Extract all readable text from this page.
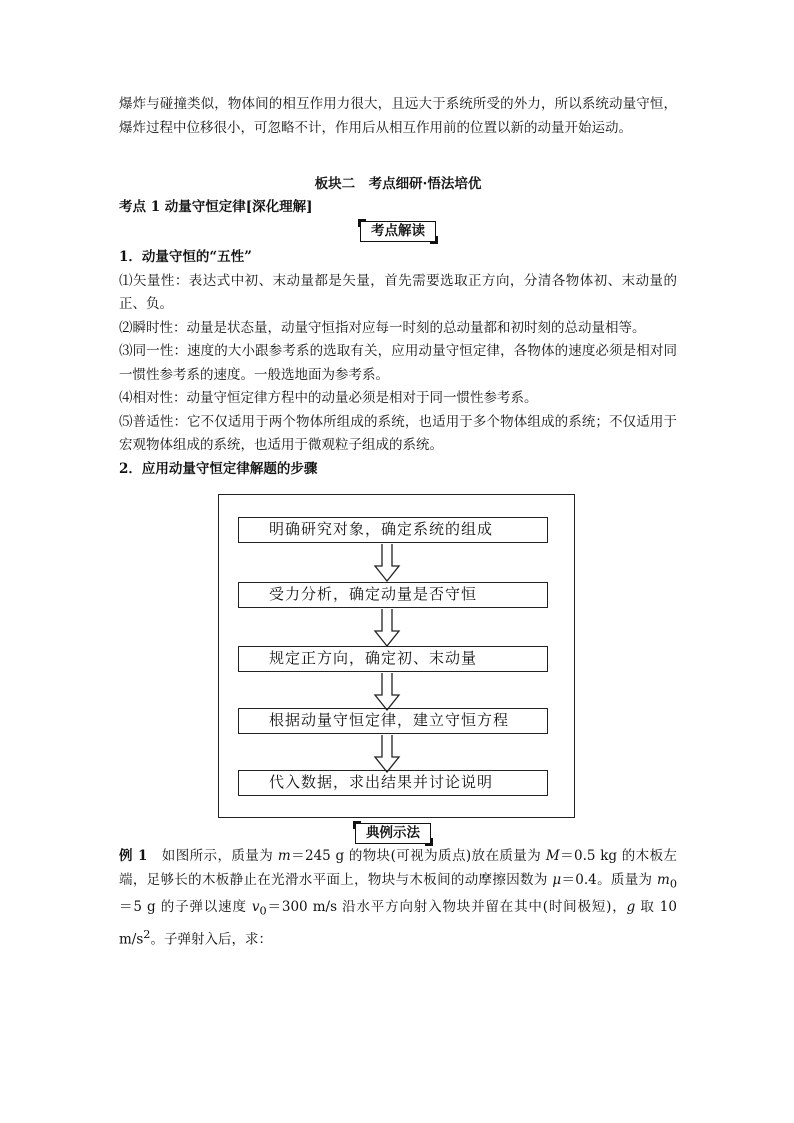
爆炸与碰撞类似，物体间的相互作用力很大，且远大于系统所受的外力，所以系统动量守恒，爆炸过程中位移很小，可忽略不计，作用后从相互作用前的位置以新的动量开始运动。

板块二　考点细研·悟法培优
考点 1 动量守恒定律[深化理解]
考点解读
1．动量守恒的“五性”

⑴矢量性：表达式中初、末动量都是矢量，首先需要选取正方向，分清各物体初、末动量的正、负。

⑵瞬时性：动量是状态量，动量守恒指对应每一时刻的总动量都和初时刻的总动量相等。

⑶同一性：速度的大小跟参考系的选取有关，应用动量守恒定律，各物体的速度必须是相对同一惯性参考系的速度。一般选地面为参考系。

⑷相对性：动量守恒定律方程中的动量必须是相对于同一惯性参考系。

⑸普适性：它不仅适用于两个物体所组成的系统，也适用于多个物体组成的系统；不仅适用于宏观物体组成的系统，也适用于微观粒子组成的系统。

2．应用动量守恒定律解题的步骤
明确研究对象，确定系统的组成
受力分析，确定动量是否守恒
规定正方向，确定初、末动量
根据动量守恒定律，建立守恒方程
代入数据，求出结果并讨论说明
典例示法

例 1　如图所示，质量为 m＝245 g 的物块(可视为质点)放在质量为 M＝0.5 kg 的木板左端，足够长的木板静止在光滑水平面上，物块与木板间的动摩擦因数为 μ＝0.4。质量为 $m_0=5$ g 的子弹以速度 $v_0=300$ m/s 沿水平方向射入物块并留在其中(时间极短)，g 取 10 $m/s^2$。子弹射入后，求：
